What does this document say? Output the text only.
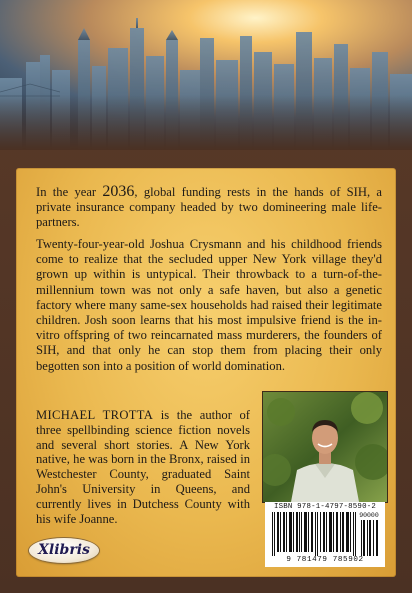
In the year 2036, global funding rests in the hands of SIH, a private insurance company headed by two domineering male life-partners.

Twenty-four-year-old Joshua Crysmann and his childhood friends come to realize that the secluded upper New York village they'd grown up within is untypical. Their throwback to a turn-of-the-millennium town was not only a safe haven, but also a genetic factory where many same-sex households had raised their legitimate children. Josh soon learns that his most impulsive friend is the in-vitro offspring of two reincarnated mass murderers, the founders of SIH, and that only he can stop them from placing their only begotten son into a position of world domination.

MICHAEL TROTTA is the author of three spellbinding science fiction novels and several short stories. A New York native, he was born in the Bronx, raised in Westchester County, graduated Saint John's University in Queens, and currently lives in Dutchess County with his wife Joanne.

ISBN 978-1-4797-8590-2
90000
9 781479 785902
Xlibris
